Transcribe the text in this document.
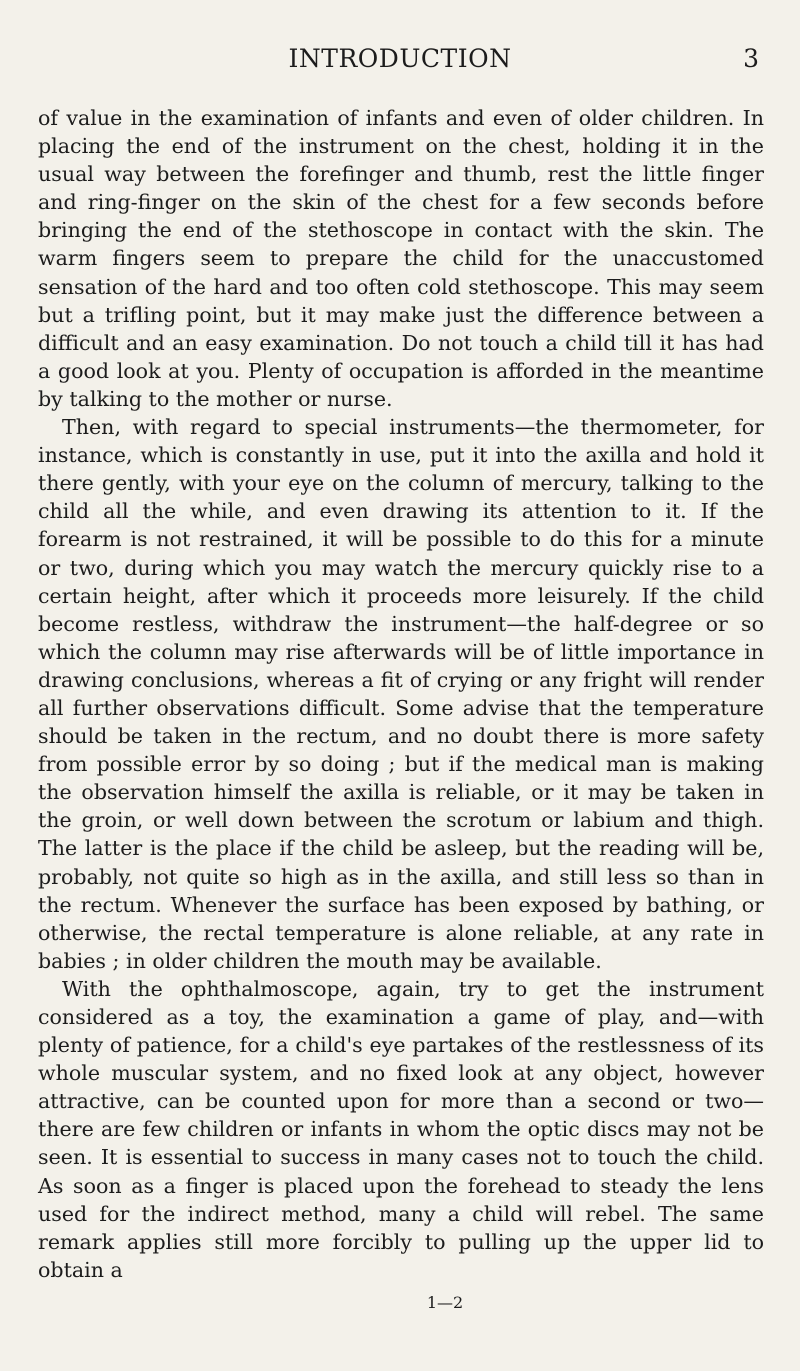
INTRODUCTION	3

of value in the examination of infants and even of older children. In placing the end of the instrument on the chest, holding it in the usual way between the forefinger and thumb, rest the little finger and ring-finger on the skin of the chest for a few seconds before bringing the end of the stethoscope in contact with the skin. The warm fingers seem to prepare the child for the unaccustomed sensation of the hard and too often cold stethoscope. This may seem but a trifling point, but it may make just the difference between a difficult and an easy examination. Do not touch a child till it has had a good look at you. Plenty of occupation is afforded in the meantime by talking to the mother or nurse.

Then, with regard to special instruments—the thermometer, for instance, which is constantly in use, put it into the axilla and hold it there gently, with your eye on the column of mercury, talking to the child all the while, and even drawing its attention to it. If the forearm is not restrained, it will be possible to do this for a minute or two, during which you may watch the mercury quickly rise to a certain height, after which it proceeds more leisurely. If the child become restless, withdraw the instrument—the half-degree or so which the column may rise afterwards will be of little importance in drawing conclusions, whereas a fit of crying or any fright will render all further observations difficult. Some advise that the temperature should be taken in the rectum, and no doubt there is more safety from possible error by so doing ; but if the medical man is making the observation himself the axilla is reliable, or it may be taken in the groin, or well down between the scrotum or labium and thigh. The latter is the place if the child be asleep, but the reading will be, probably, not quite so high as in the axilla, and still less so than in the rectum. Whenever the surface has been exposed by bathing, or otherwise, the rectal temperature is alone reliable, at any rate in babies ; in older children the mouth may be available.

With the ophthalmoscope, again, try to get the instrument considered as a toy, the examination a game of play, and—with plenty of patience, for a child's eye partakes of the restlessness of its whole muscular system, and no fixed look at any object, however attractive, can be counted upon for more than a second or two—there are few children or infants in whom the optic discs may not be seen. It is essential to success in many cases not to touch the child. As soon as a finger is placed upon the forehead to steady the lens used for the indirect method, many a child will rebel. The same remark applies still more forcibly to pulling up the upper lid to obtain a

1—2
